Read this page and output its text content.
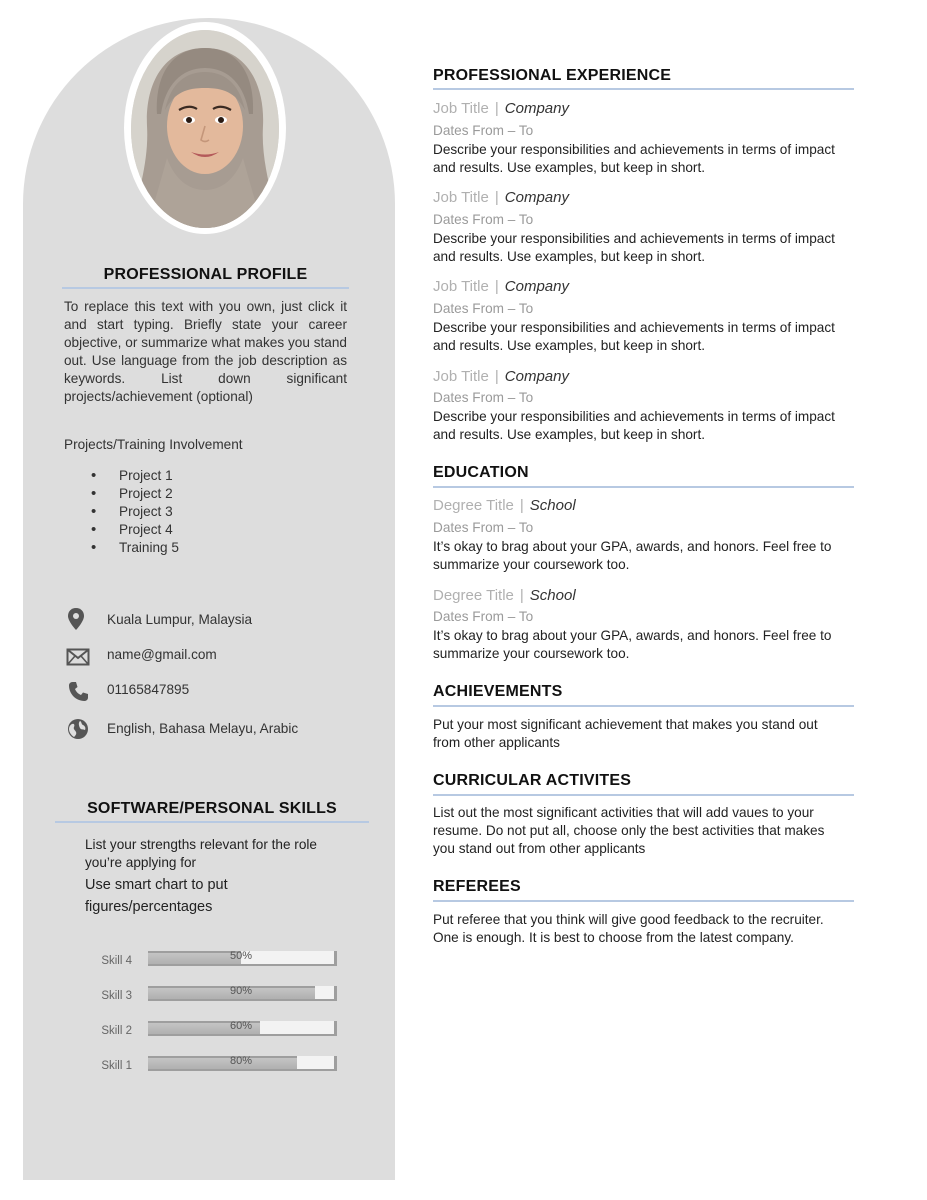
PROFESSIONAL PROFILE
To replace this text with you own, just click it and start typing. Briefly state your career objective, or summarize what makes you stand out. Use language from the job description as keywords. List down significant projects/achievement (optional)
Projects/Training Involvement
• Project 1
• Project 2
• Project 3
• Project 4
• Training 5
Kuala Lumpur, Malaysia
name@gmail.com
01165847895
English, Bahasa Melayu, Arabic
SOFTWARE/PERSONAL SKILLS
List your strengths relevant for the role you’re applying for
Use smart chart to put figures/percentages
Skill 4	50%
Skill 3	90%
Skill 2	60%
Skill 1	80%
PROFESSIONAL EXPERIENCE
Job Title | Company
Dates From – To
Describe your responsibilities and achievements in terms of impact and results. Use examples, but keep in short.
Job Title | Company
Dates From – To
Describe your responsibilities and achievements in terms of impact and results. Use examples, but keep in short.
Job Title | Company
Dates From – To
Describe your responsibilities and achievements in terms of impact and results. Use examples, but keep in short.
Job Title | Company
Dates From – To
Describe your responsibilities and achievements in terms of impact and results. Use examples, but keep in short.
EDUCATION
Degree Title | School
Dates From – To
It’s okay to brag about your GPA, awards, and honors. Feel free to summarize your coursework too.
Degree Title | School
Dates From – To
It’s okay to brag about your GPA, awards, and honors. Feel free to summarize your coursework too.
ACHIEVEMENTS
Put your most significant achievement that makes you stand out from other applicants
CURRICULAR ACTIVITES
List out the most significant activities that will add vaues to your resume. Do not put all, choose only the best activities that makes you stand out from other applicants
REFEREES
Put referee that you think will give good feedback to the recruiter. One is enough. It is best to choose from the latest company.
